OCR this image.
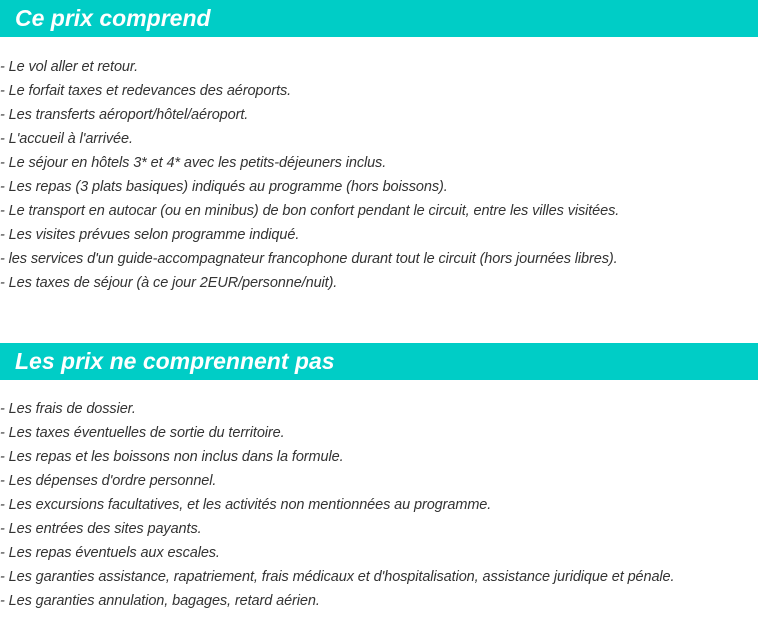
Ce prix comprend
- Le vol aller et retour.
- Le forfait taxes et redevances des aéroports.
- Les transferts aéroport/hôtel/aéroport.
- L'accueil à l'arrivée.
- Le séjour en hôtels 3* et 4* avec les petits-déjeuners inclus.
- Les repas (3 plats basiques) indiqués au programme (hors boissons).
- Le transport en autocar (ou en minibus) de bon confort pendant le circuit, entre les villes visitées.
- Les visites prévues selon programme indiqué.
- les services d'un guide-accompagnateur francophone durant tout le circuit (hors journées libres).
- Les taxes de séjour (à ce jour 2EUR/personne/nuit).
Les prix ne comprennent pas
- Les frais de dossier.
- Les taxes éventuelles de sortie du territoire.
- Les repas et les boissons non inclus dans la formule.
- Les dépenses d'ordre personnel.
- Les excursions facultatives, et les activités non mentionnées au programme.
- Les entrées des sites payants.
- Les repas éventuels aux escales.
- Les garanties assistance, rapatriement, frais médicaux et d'hospitalisation, assistance juridique et pénale.
- Les garanties annulation, bagages, retard aérien.
